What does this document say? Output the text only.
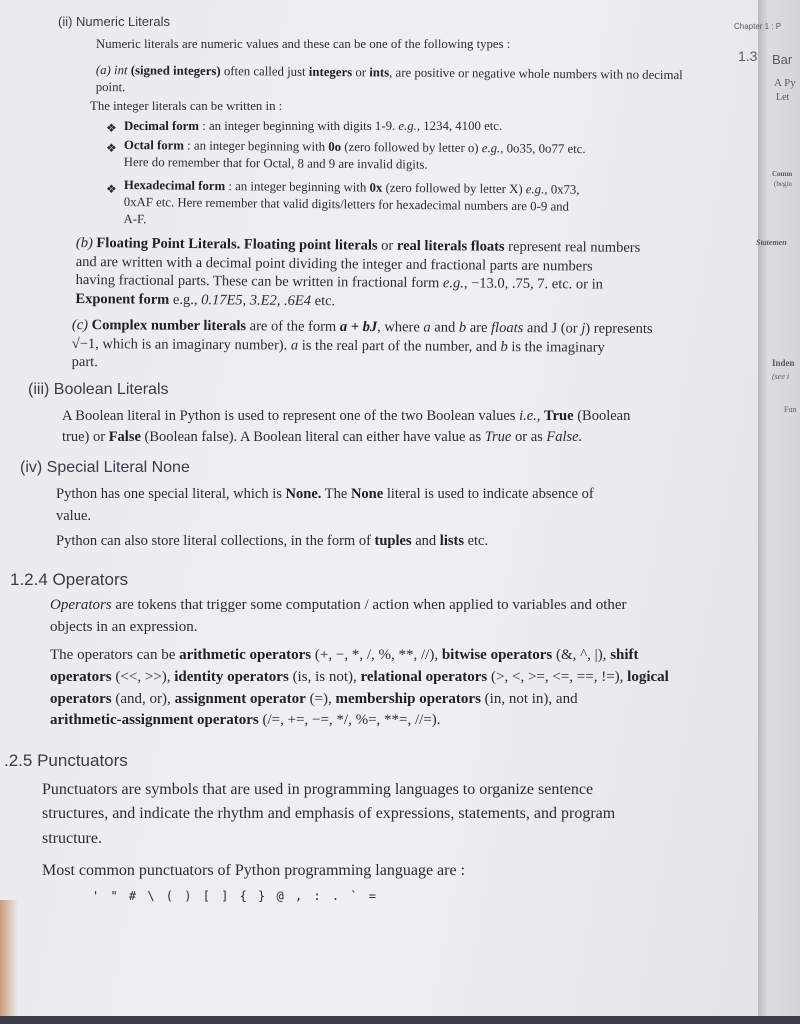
(ii) Numeric Literals
Numeric literals are numeric values and these can be one of the following types :
(a) int (signed integers) often called just integers or ints, are positive or negative whole numbers with no decimal point.
The integer literals can be written in :
❖ Decimal form : an integer beginning with digits 1-9. e.g., 1234, 4100 etc.
❖ Octal form : an integer beginning with 0o (zero followed by letter o) e.g., 0o35, 0o77 etc.
Here do remember that for Octal, 8 and 9 are invalid digits.
❖ Hexadecimal form : an integer beginning with 0x (zero followed by letter X) e.g., 0x73,
0xAF etc. Here remember that valid digits/letters for hexadecimal numbers are 0-9 and
A-F.
(b) Floating Point Literals. Floating point literals or real literals floats represent real numbers
and are written with a decimal point dividing the integer and fractional parts are numbers
having fractional parts. These can be written in fractional form e.g., −13.0, .75, 7. etc. or in
Exponent form e.g., 0.17E5, 3.E2, .6E4 etc.
(c) Complex number literals are of the form a + bJ, where a and b are floats and J (or j) represents
√−1, which is an imaginary number). a is the real part of the number, and b is the imaginary
part.
(iii) Boolean Literals
A Boolean literal in Python is used to represent one of the two Boolean values i.e., True (Boolean
true) or False (Boolean false). A Boolean literal can either have value as True or as False.
(iv) Special Literal None
Python has one special literal, which is None. The None literal is used to indicate absence of
value.
Python can also store literal collections, in the form of tuples and lists etc.
1.2.4 Operators
Operators are tokens that trigger some computation / action when applied to variables and other
objects in an expression.
The operators can be arithmetic operators (+, −, *, /, %, **, //), bitwise operators (&, ^, |), shift
operators (<<, >>), identity operators (is, is not), relational operators (>, <, >=, <=, ==, !=), logical
operators (and, or), assignment operator (=), membership operators (in, not in), and
arithmetic-assignment operators (/=, +=, −=, */, %=, **=, //=).
.2.5 Punctuators
Punctuators are symbols that are used in programming languages to organize sentence
structures, and indicate the rhythm and emphasis of expressions, statements, and program
structure.
Most common punctuators of Python programming language are :
' " # \ ( ) [ ] { } @ , : . ` =
Chapter 1 : P
1.3 Bar
A Py
Let
Comm
(begin
Statemen
Inden
(see i
Fun
